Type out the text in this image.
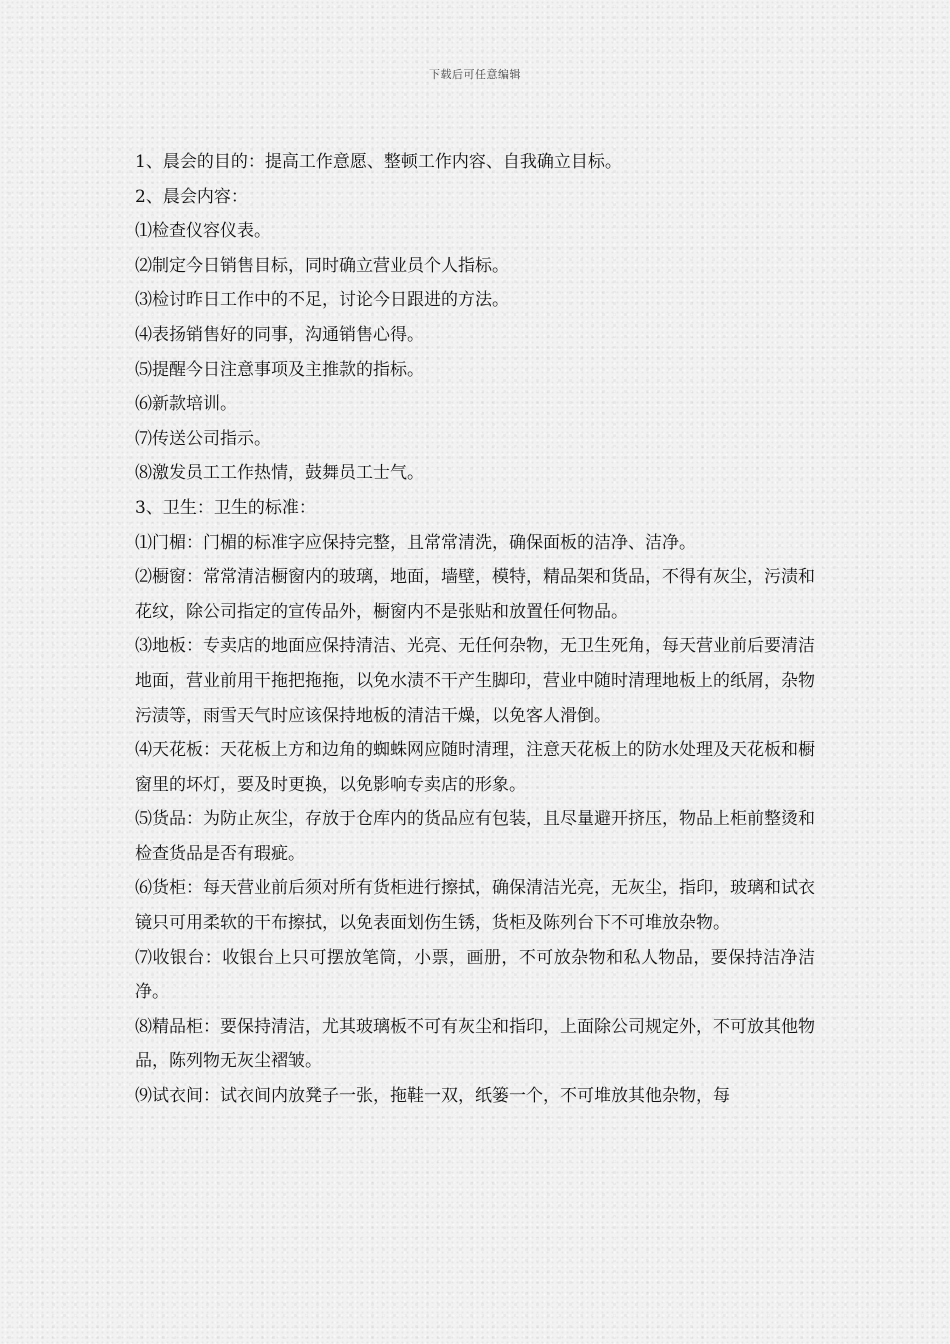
下载后可任意编辑

1、晨会的目的：提高工作意愿、整顿工作内容、自我确立目标。

2、晨会内容：

⑴检查仪容仪表。

⑵制定今日销售目标，同时确立营业员个人指标。

⑶检讨昨日工作中的不足，讨论今日跟进的方法。

⑷表扬销售好的同事，沟通销售心得。

⑸提醒今日注意事项及主推款的指标。

⑹新款培训。

⑺传送公司指示。

⑻激发员工工作热情，鼓舞员工士气。

3、卫生：卫生的标准：

⑴门楣：门楣的标准字应保持完整，且常常清洗，确保面板的洁净、洁净。

⑵橱窗：常常清洁橱窗内的玻璃，地面，墙壁，模特，精品架和货品，不得有灰尘，污渍和花纹，除公司指定的宣传品外，橱窗内不是张贴和放置任何物品。

⑶地板：专卖店的地面应保持清洁、光亮、无任何杂物，无卫生死角，每天营业前后要清洁地面，营业前用干拖把拖拖，以免水渍不干产生脚印，营业中随时清理地板上的纸屑，杂物污渍等，雨雪天气时应该保持地板的清洁干燥，以免客人滑倒。

⑷天花板：天花板上方和边角的蜘蛛网应随时清理，注意天花板上的防水处理及天花板和橱窗里的坏灯，要及时更换，以免影响专卖店的形象。

⑸货品：为防止灰尘，存放于仓库内的货品应有包装，且尽量避开挤压，物品上柜前整烫和检查货品是否有瑕疵。

⑹货柜：每天营业前后须对所有货柜进行擦拭，确保清洁光亮，无灰尘，指印，玻璃和试衣镜只可用柔软的干布擦拭，以免表面划伤生锈，货柜及陈列台下不可堆放杂物。

⑺收银台：收银台上只可摆放笔筒，小票，画册，不可放杂物和私人物品，要保持洁净洁净。

⑻精品柜：要保持清洁，尤其玻璃板不可有灰尘和指印，上面除公司规定外，不可放其他物品，陈列物无灰尘褶皱。

⑼试衣间：试衣间内放凳子一张，拖鞋一双，纸篓一个，不可堆放其他杂物，每
